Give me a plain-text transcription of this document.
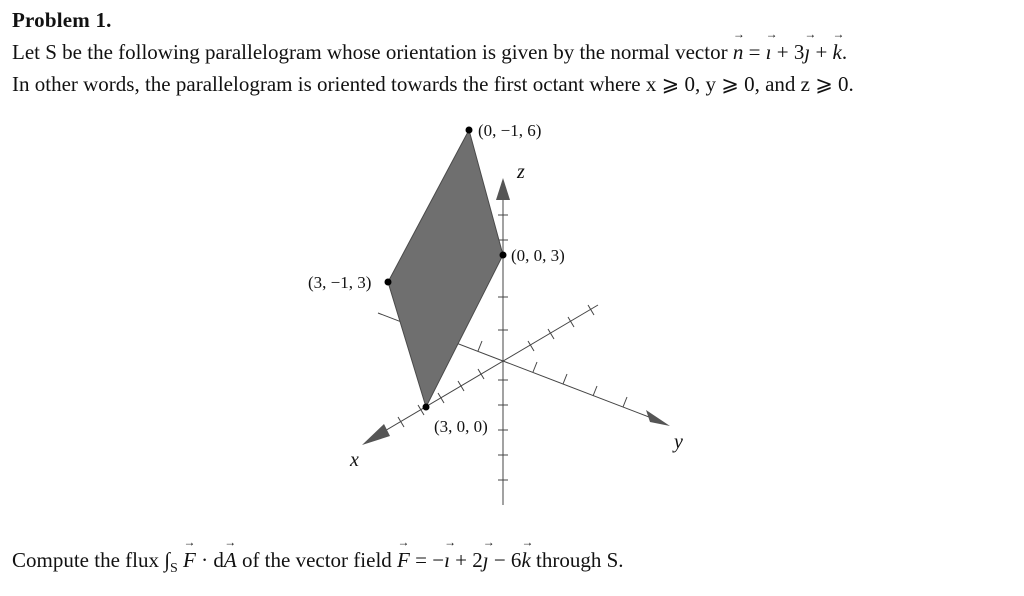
Problem 1.
Let S be the following parallelogram whose orientation is given by the normal vector → n = → ı + 3→ ȷ + → k.
In other words, the parallelogram is oriented towards the first octant where x ⩾ 0, y ⩾ 0, and z ⩾ 0.
(0, −1, 6)
(0, 0, 3)
(3, −1, 3)
(3, 0, 0)
z
x
y
Compute the flux $\int_S \to F \cdot d\to A$ of the vector field → F = −→ ı + 2→ ȷ − 6→ k through S.
